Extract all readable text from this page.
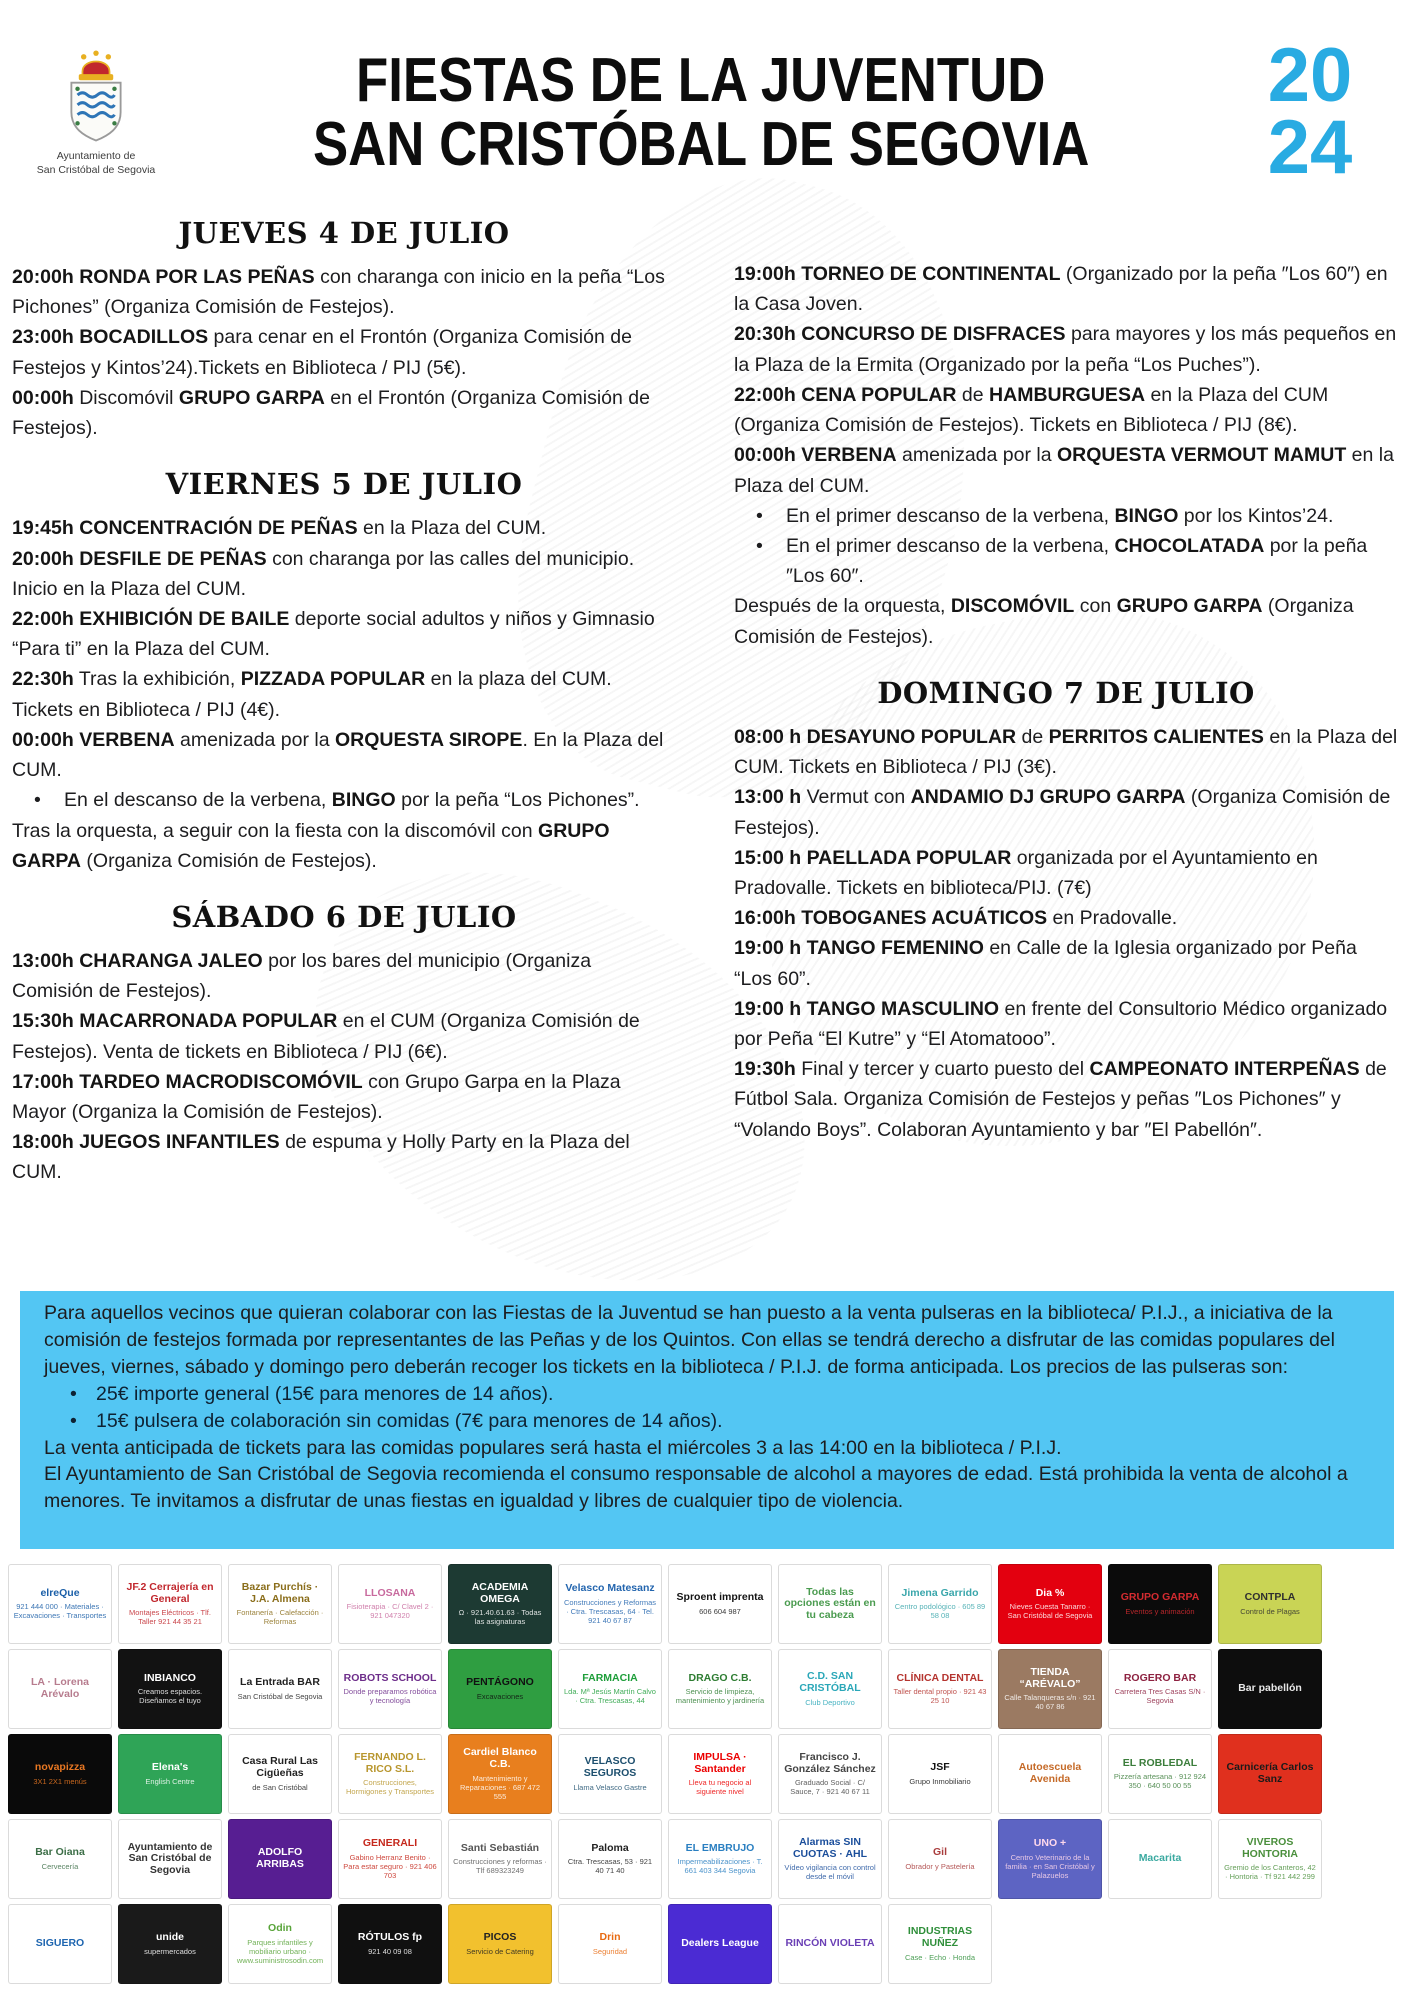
Ayuntamiento de
San Cristóbal de Segovia
FIESTAS DE LA JUVENTUD
SAN CRISTÓBAL DE SEGOVIA
20
24
JUEVES 4 DE JULIO

20:00h RONDA POR LAS PEÑAS con charanga con inicio en la peña “Los Pichones” (Organiza Comisión de Festejos).

23:00h BOCADILLOS para cenar en el Frontón (Organiza Comisión de Festejos y Kintos’24).Tickets en Biblioteca / PIJ (5€).

00:00h Discomóvil GRUPO GARPA en el Frontón (Organiza Comisión de Festejos).

VIERNES 5 DE JULIO

19:45h CONCENTRACIÓN DE PEÑAS en la Plaza del CUM.

20:00h DESFILE DE PEÑAS con charanga por las calles del municipio. Inicio en la Plaza del CUM.

22:00h EXHIBICIÓN DE BAILE deporte social adultos y niños y Gimnasio “Para ti” en la Plaza del CUM.

22:30h Tras la exhibición, PIZZADA POPULAR en la plaza del CUM. Tickets en Biblioteca / PIJ (4€).

00:00h VERBENA amenizada por la ORQUESTA SIROPE. En la Plaza del CUM.

•	En el descanso de la verbena, BINGO por la peña “Los Pichones”.

Tras la orquesta, a seguir con la fiesta con la discomóvil con GRUPO GARPA (Organiza Comisión de Festejos).

SÁBADO 6 DE JULIO

13:00h CHARANGA JALEO por los bares del municipio (Organiza Comisión de Festejos).

15:30h MACARRONADA POPULAR en el CUM (Organiza Comisión de Festejos). Venta de tickets en Biblioteca / PIJ (6€).

17:00h TARDEO MACRODISCOMÓVIL con Grupo Garpa en la Plaza Mayor (Organiza la Comisión de Festejos).

18:00h JUEGOS INFANTILES de espuma y Holly Party en la Plaza del CUM.

19:00h TORNEO DE CONTINENTAL (Organizado por la peña ″Los 60″) en la Casa Joven.

20:30h CONCURSO DE DISFRACES para mayores y los más pequeños en la Plaza de la Ermita (Organizado por la peña “Los Puches”).

22:00h CENA POPULAR de HAMBURGUESA en la Plaza del CUM (Organiza Comisión de Festejos). Tickets en Biblioteca / PIJ (8€).

00:00h VERBENA amenizada por la ORQUESTA VERMOUT MAMUT en la Plaza del CUM.

•	En el primer descanso de la verbena, BINGO por los Kintos’24.
•	En el primer descanso de la verbena, CHOCOLATADA por la peña ″Los 60″.

Después de la orquesta, DISCOMÓVIL con GRUPO GARPA (Organiza Comisión de Festejos).

DOMINGO 7 DE JULIO

08:00 h DESAYUNO POPULAR de PERRITOS CALIENTES en la Plaza del CUM. Tickets en Biblioteca / PIJ (3€).

13:00 h Vermut con ANDAMIO DJ GRUPO GARPA (Organiza Comisión de Festejos).

15:00 h PAELLADA POPULAR organizada por el Ayuntamiento en Pradovalle. Tickets en biblioteca/PIJ. (7€)

16:00h TOBOGANES ACUÁTICOS en Pradovalle.

19:00 h TANGO FEMENINO en Calle de la Iglesia organizado por Peña “Los 60”.

19:00 h TANGO MASCULINO en frente del Consultorio Médico organizado por Peña “El Kutre” y “El Atomatooo”.

19:30h Final y tercer y cuarto puesto del CAMPEONATO INTERPEÑAS de Fútbol Sala. Organiza Comisión de Festejos y peñas ″Los Pichones″ y “Volando Boys”. Colaboran Ayuntamiento y bar ″El Pabellón″.

Para aquellos vecinos que quieran colaborar con las Fiestas de la Juventud se han puesto a la venta pulseras en la biblioteca/ P.I.J., a iniciativa de la comisión de festejos formada por representantes de las Peñas y de los Quintos. Con ellas se tendrá derecho a disfrutar de las comidas populares del jueves, viernes, sábado y domingo pero deberán recoger los tickets en la biblioteca / P.I.J. de forma anticipada. Los precios de las pulseras son:

• 25€ importe general (15€ para menores de 14 años).
• 15€ pulsera de colaboración sin comidas (7€ para menores de 14 años).

La venta anticipada de tickets para las comidas populares será hasta el miércoles 3 a las 14:00 en la biblioteca / P.I.J.

El Ayuntamiento de San Cristóbal de Segovia recomienda el consumo responsable de alcohol a mayores de edad. Está prohibida la venta de alcohol a menores. Te invitamos a disfrutar de unas fiestas en igualdad y libres de cualquier tipo de violencia.

elreQue
921 444 000 · Materiales · Excavaciones · Transportes
JF.2 Cerrajería en General
Montajes Eléctricos · Tlf. Taller 921 44 35 21
Bazar Purchís · J.A. Almena
Fontanería · Calefacción · Reformas
LLOSANA
Fisioterapia · C/ Clavel 2 · 921 047320
ACADEMIA OMEGA
Ω · 921.40.61.63 · Todas las asignaturas
Velasco Matesanz
Construcciones y Reformas · Ctra. Trescasas, 64 · Tel. 921 40 67 87
Sproent imprenta
606 604 987
Todas las opciones están en tu cabeza
Jimena Garrido
Centro podológico · 605 89 58 08
Dia %
Nieves Cuesta Tanarro · San Cristóbal de Segovia
GRUPO GARPA
Eventos y animación
CONTPLA
Control de Plagas
LA · Lorena Arévalo
INBIANCO
Creamos espacios. Diseñamos el tuyo
La Entrada BAR
San Cristóbal de Segovia
ROBOTS SCHOOL
Donde preparamos robótica y tecnología
PENTÁGONO
Excavaciones
FARMACIA
Lda. Mª Jesús Martín Calvo · Ctra. Trescasas, 44
DRAGO C.B.
Servicio de limpieza, mantenimiento y jardinería
C.D. SAN CRISTÓBAL
Club Deportivo
CLÍNICA DENTAL
Taller dental propio · 921 43 25 10
TIENDA “ARÉVALO”
Calle Talanqueras s/n · 921 40 67 86
ROGERO BAR
Carretera Tres Casas S/N · Segovia
Bar pabellón
novapizza
3X1 2X1 menús
Elena's
English Centre
Casa Rural Las Cigüeñas
de San Cristóbal
FERNANDO L. RICO S.L.
Construcciones, Hormigones y Transportes
Cardiel Blanco C.B.
Mantenimiento y Reparaciones · 687 472 555
VELASCO SEGUROS
Llama Velasco Gastre
IMPULSA · Santander
Lleva tu negocio al siguiente nivel
Francisco J. González Sánchez
Graduado Social · C/ Sauce, 7 · 921 40 67 11
JSF
Grupo Inmobiliario
Autoescuela Avenida
EL ROBLEDAL
Pizzería artesana · 912 924 350 · 640 50 00 55
Carnicería Carlos Sanz
Bar Oiana
Cervecería
Ayuntamiento de San Cristóbal de Segovia
ADOLFO ARRIBAS
GENERALI
Gabino Herranz Benito · Para estar seguro · 921 406 703
Santi Sebastián
Construcciones y reformas · Tlf 689323249
Paloma
Ctra. Trescasas, 53 · 921 40 71 40
EL EMBRUJO
Impermeabilizaciones · T. 661 403 344 Segovia
Alarmas SIN CUOTAS · AHL
Vídeo vigilancia con control desde el móvil
Gil
Obrador y Pastelería
UNO +
Centro Veterinario de la familia · en San Cristóbal y Palazuelos
Macarita
VIVEROS HONTORIA
Gremio de los Canteros, 42 · Hontoria · Tf 921 442 299
SIGUERO	unide
supermercados
Odin
Parques infantiles y mobiliario urbano · www.suministrosodin.com
RÓTULOS fp
921 40 09 08
PICOS
Servicio de Catering
Drin
Seguridad
Dealers League	RINCÓN VIOLETA
INDUSTRIAS NUÑEZ
Case · Echo · Honda
